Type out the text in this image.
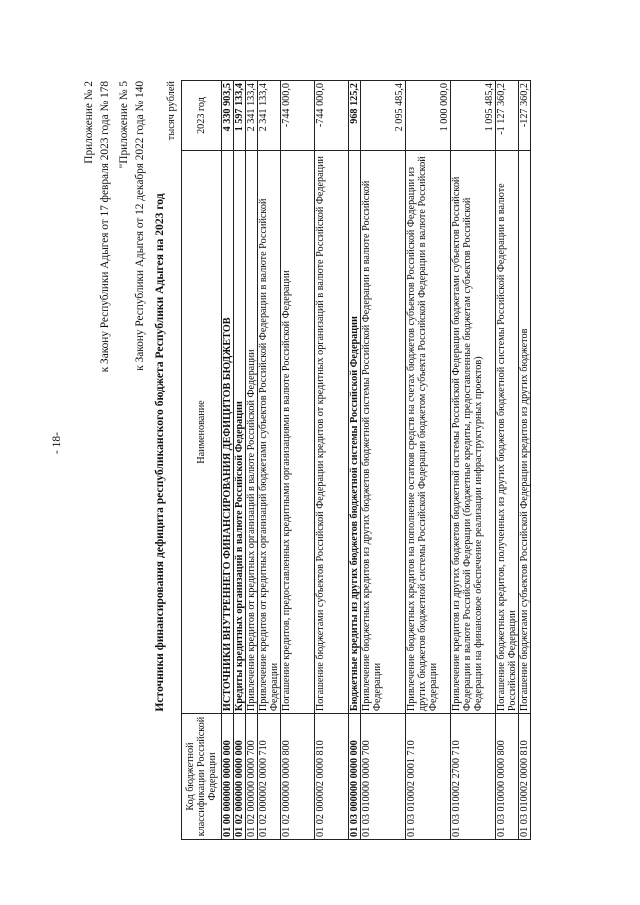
- 18-
Приложение № 2 к Закону Республики Адыгея от 17 февраля 2023 года № 178 "Приложение № 5 к Закону Республики Адыгея от 12 декабря 2022 года № 140 Источники финансирования дефицита республиканского бюджета Республики Адыгея на 2023 год
тысяч рублей
Код бюджетной классификации Российской Федерации	Наименование	2023 год
01 00 000000 0000 000	ИСТОЧНИКИ ВНУТРЕННЕГО ФИНАНСИРОВАНИЯ ДЕФИЦИТОВ БЮДЖЕТОВ	4 330 903,5
01 02 000000 0000 000	Кредиты кредитных организаций в валюте Российской Федерации	1 597 133,4
01 02 000000 0000 700	Привлечение кредитов от кредитных организаций в валюте Российской Федерации	2 341 133,4
01 02 000002 0000 710	Привлечение кредитов от кредитных организаций бюджетами субъектов Российской Федерации в валюте Российской Федерации	2 341 133,4
01 02 000000 0000 800	Погашение кредитов, предоставленных кредитными организациями в валюте Российской Федерации	-744 000,0
01 02 000002 0000 810	Погашение бюджетами субъектов Российской Федерации кредитов от кредитных организаций в валюте Российской Федерации	-744 000,0
01 03 000000 0000 000	Бюджетные кредиты из других бюджетов бюджетной системы Российской Федерации	968 125,2
01 03 010000 0000 700	Привлечение бюджетных кредитов из других бюджетов бюджетной системы Российской Федерации в валюте Российской Федерации	2 095 485,4
01 03 010002 0001 710	Привлечение бюджетных кредитов на пополнение остатков средств на счетах бюджетов субъектов Российской Федерации из других бюджетов бюджетной системы Российской Федерации бюджетом субъекта Российской Федерации в валюте Российской Федерации	1 000 000,0
01 03 010002 2700 710	Привлечение кредитов из других бюджетов бюджетной системы Российской Федерации бюджетами субъектов Российской Федерации в валюте Российской Федерации (бюджетные кредиты, предоставленные бюджетам субъектов Российской Федерации на финансовое обеспечение реализации инфраструктурных проектов)	1 095 485,4
01 03 010000 0000 800	Погашение бюджетных кредитов, полученных из других бюджетов бюджетной системы Российской Федерации в валюте Российской Федерации	-1 127 360,2
01 03 010002 0000 810	Погашение бюджетами субъектов Российской Федерации кредитов из других бюджетов	-127 360,2
